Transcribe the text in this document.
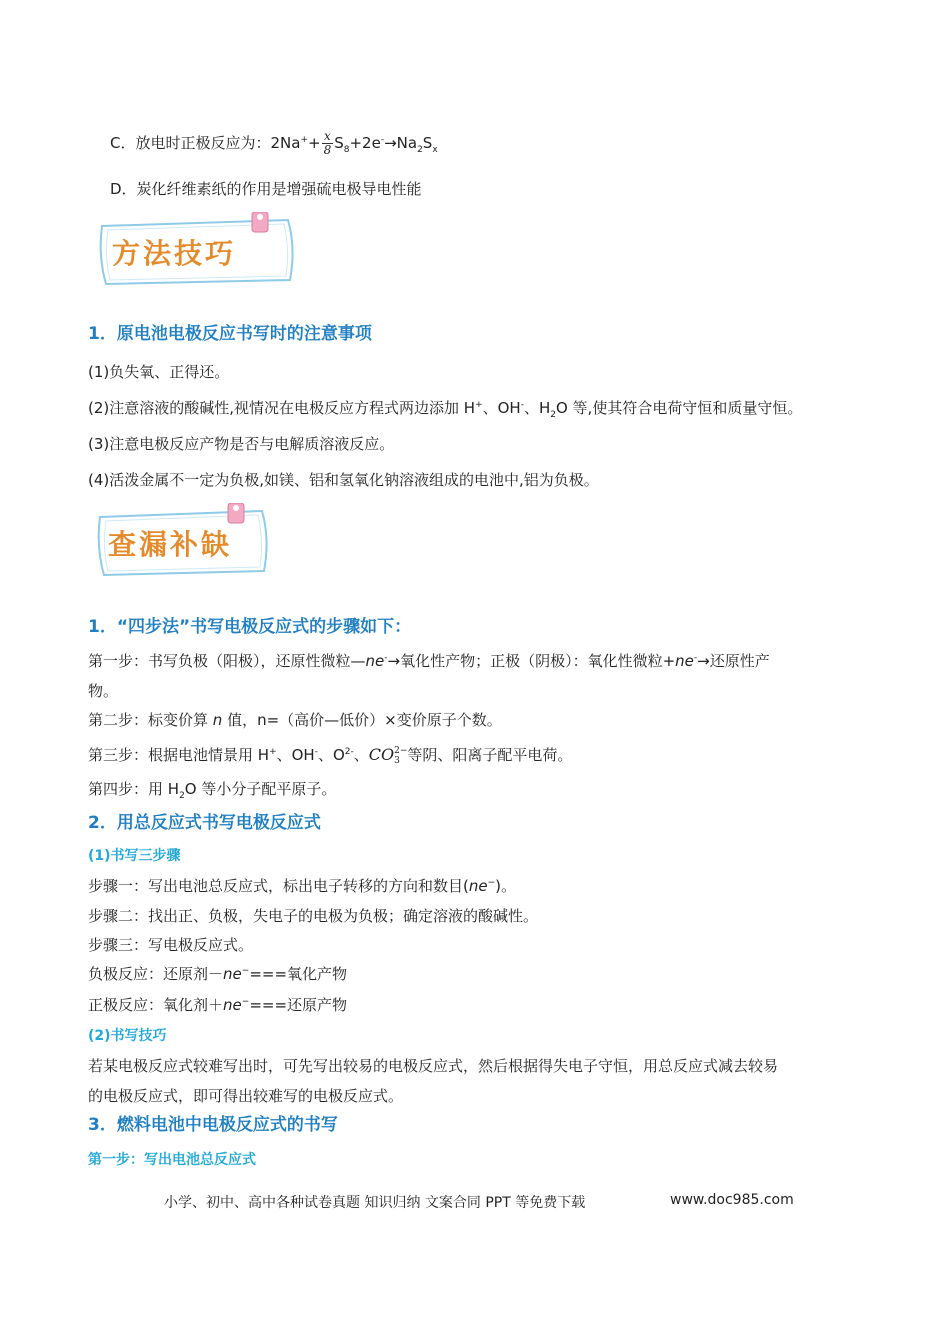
C．放电时正极反应为：$2Na^++ \frac{x}{8} S_8+2e^-\to Na_2S_x$
D．炭化纤维素纸的作用是增强硫电极导电性能
方法技巧
1．原电池电极反应书写时的注意事项
(1)负失氧、正得还。
(2)注意溶液的酸碱性,视情况在电极反应方程式两边添加 H+、OH-、$H_2O$ 等,使其符合电荷守恒和质量守恒。
(3)注意电极反应产物是否与电解质溶液反应。
(4)活泼金属不一定为负极,如镁、铝和氢氧化钠溶液组成的电池中,铝为负极。
查漏补缺
1．“四步法”书写电极反应式的步骤如下：
第一步：书写负极（阳极），还原性微粒—ne-→氧化性产物；正极（阴极）：氧化性微粒+ne-→还原性产
物。
第二步：标变价算 n 值，n=（高价—低价）×变价原子个数。
第三步：根据电池情景用 H+、OH-、$O^{2-}$、CO 2−
3 等阴、阳离子配平电荷。
第四步：用 $H_2O$ 等小分子配平原子。
2．用总反应式书写电极反应式
(1)书写三步骤
步骤一：写出电池总反应式，标出电子转移的方向和数目(ne−)。
步骤二：找出正、负极，失电子的电极为负极；确定溶液的酸碱性。
步骤三：写电极反应式。
负极反应：还原剂－ne−===氧化产物
正极反应：氧化剂＋ne−===还原产物
(2)书写技巧
若某电极反应式较难写出时，可先写出较易的电极反应式，然后根据得失电子守恒，用总反应式减去较易
的电极反应式，即可得出较难写的电极反应式。
3．燃料电池中电极反应式的书写
第一步：写出电池总反应式
小学、初中、高中各种试卷真题 知识归纳 文案合同 PPT 等免费下载	www.doc985.com
